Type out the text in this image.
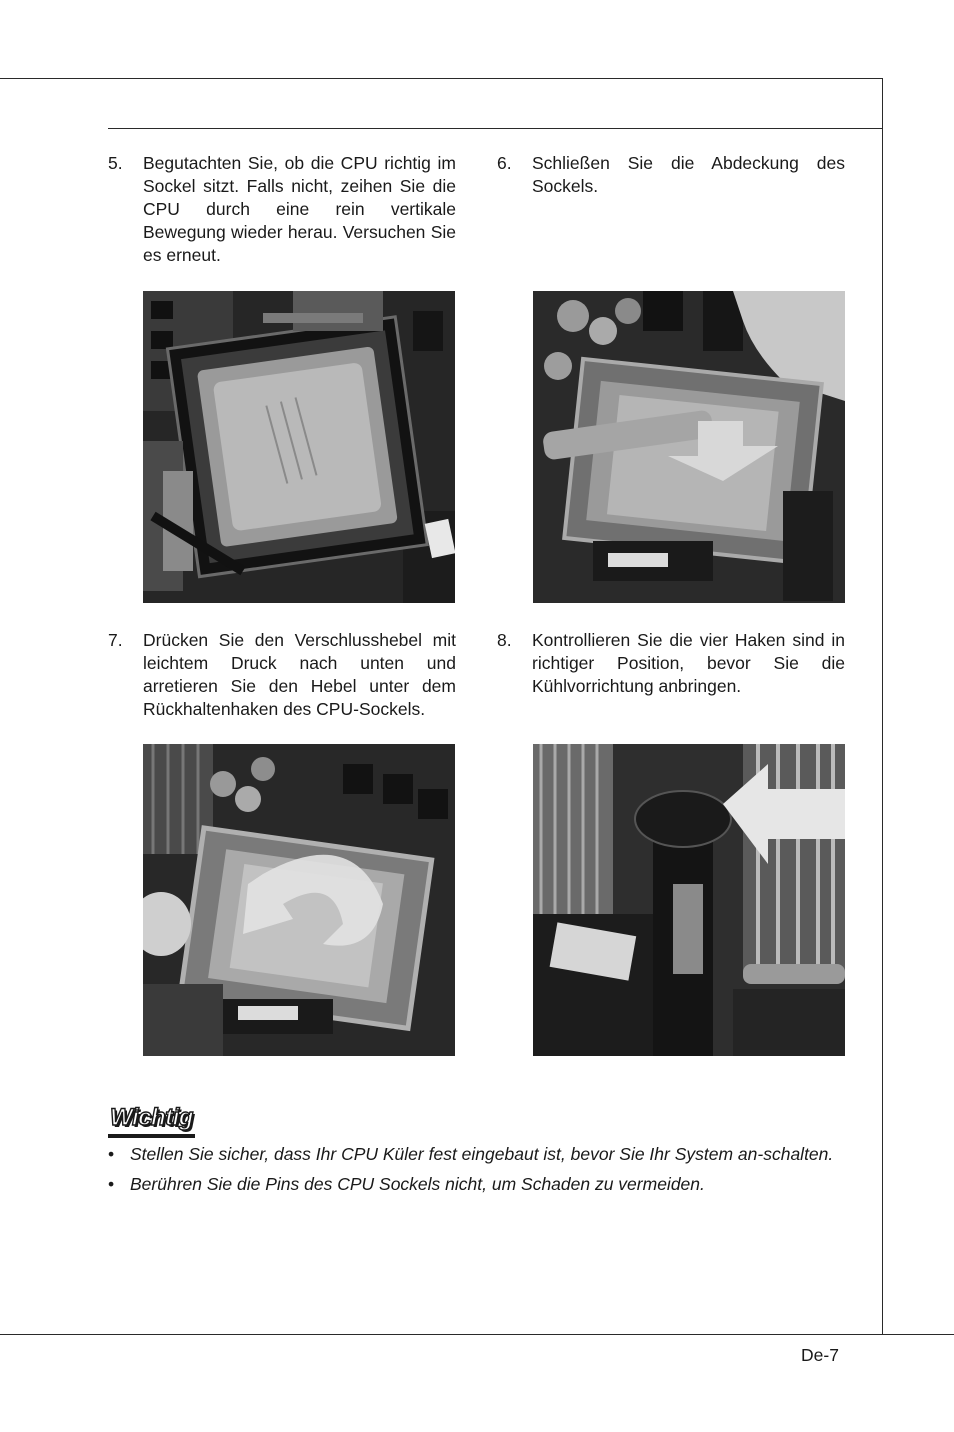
5. Begutachten Sie, ob die CPU richtig im Sockel sitzt. Falls nicht, zeihen Sie die CPU durch eine rein vertikale Bewegung wieder herau. Versuchen Sie es erneut.
6. Schließen Sie die Abdeckung des Sockels.
7. Drücken Sie den Verschlusshebel mit leichtem Druck nach unten und arretieren Sie den Hebel unter dem Rückhaltenhaken des CPU-Sockels.
8. Kontrollieren Sie die vier Haken sind in richtiger Position, bevor Sie die Kühlvorrichtung anbringen.
Wichtig
• Stellen Sie sicher, dass Ihr CPU Küler fest eingebaut ist, bevor Sie Ihr System an-schalten.
• Berühren Sie die Pins des CPU Sockels nicht, um Schaden zu vermeiden.
De-7
